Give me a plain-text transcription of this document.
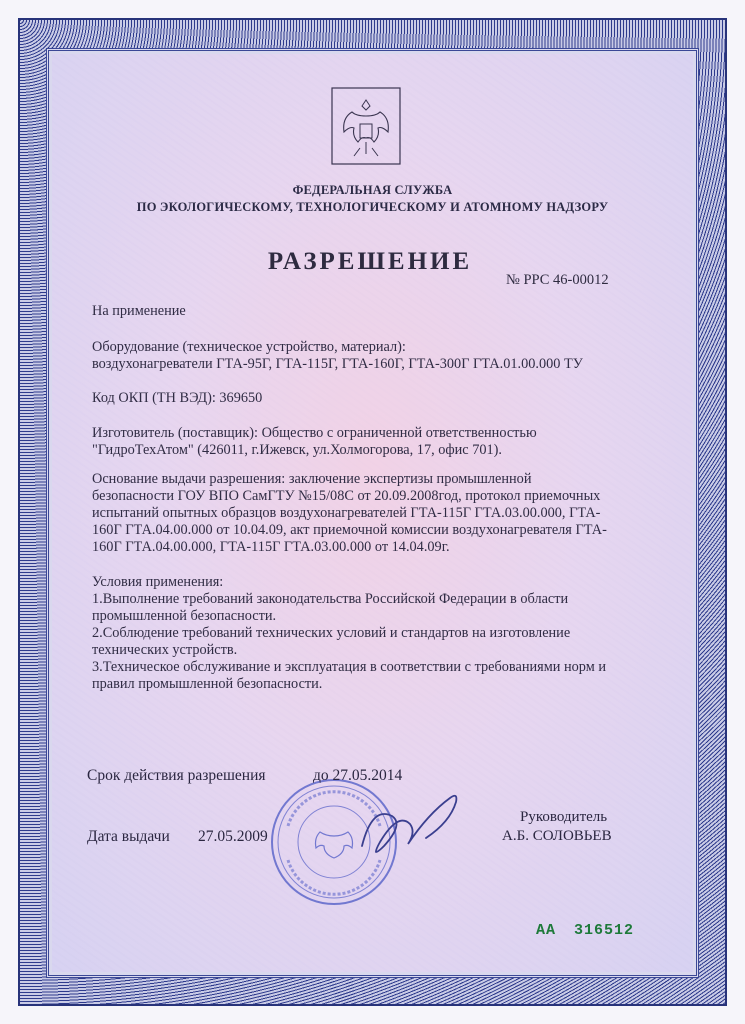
ФЕДЕРАЛЬНАЯ СЛУЖБА
ПО ЭКОЛОГИЧЕСКОМУ, ТЕХНОЛОГИЧЕСКОМУ И АТОМНОМУ НАДЗОРУ
РАЗРЕШЕНИЕ
№ РРС 46-00012
На применение

Оборудование (техническое устройство, материал):

воздухонагреватели ГТА-95Г, ГТА-115Г, ГТА-160Г, ГТА-300Г ГТА.01.00.000 ТУ

Код ОКП (ТН ВЭД): 369650

Изготовитель (поставщик): Общество с ограниченной ответственностью

"ГидроТехАтом" (426011, г.Ижевск, ул.Холмогорова, 17, офис 701).

Основание выдачи разрешения: заключение экспертизы промышленной

безопасности ГОУ ВПО СамГТУ №15/08С от 20.09.2008год, протокол приемочных

испытаний опытных образцов воздухонагревателей ГТА-115Г ГТА.03.00.000, ГТА-

160Г ГТА.04.00.000 от 10.04.09, акт приемочной комиссии воздухонагревателя ГТА-

160Г ГТА.04.00.000, ГТА-115Г ГТА.03.00.000 от 14.04.09г.

Условия применения:

1.Выполнение требований законодательства Российской Федерации в области

промышленной безопасности.

2.Соблюдение требований технических условий и стандартов на изготовление

технических устройств.

3.Техническое обслуживание и эксплуатация в соответствии с требованиями норм и

правил промышленной безопасности.

Срок действия разрешения	до 27.05.2014
Руководитель
Дата выдачи 27.05.2009	А.Б. СОЛОВЬЕВ
АА 316512
